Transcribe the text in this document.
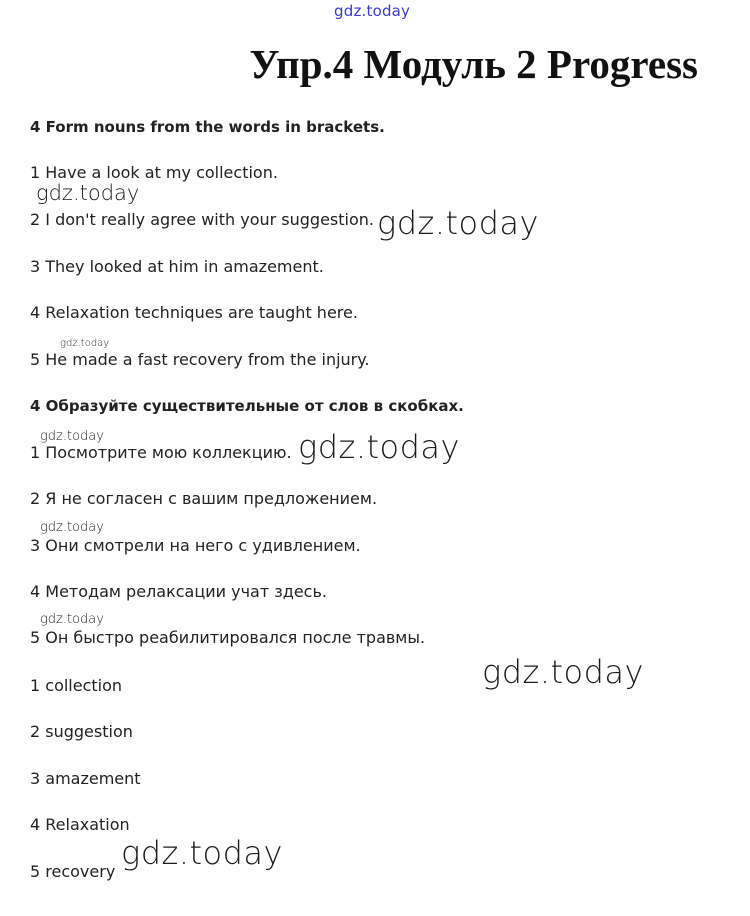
gdz.today
Упр.4 Модуль 2 Progress
4 Form nouns from the words in brackets.
1 Have a look at my collection.
2 I don't really agree with your suggestion.
3 They looked at him in amazement.
4 Relaxation techniques are taught here.
5 He made a fast recovery from the injury.
4 Образуйте существительные от слов в скобках.
1 Посмотрите мою коллекцию.
2 Я не согласен с вашим предложением.
3 Они смотрели на него с удивлением.
4 Методам релаксации учат здесь.
5 Он быстро реабилитировался после травмы.
1 collection
2 suggestion
3 amazement
4 Relaxation
5 recovery
gdz.today
gdz.today
gdz.today
gdz.today	gdz.today
gdz.today
gdz.today
gdz.today
gdz.today
